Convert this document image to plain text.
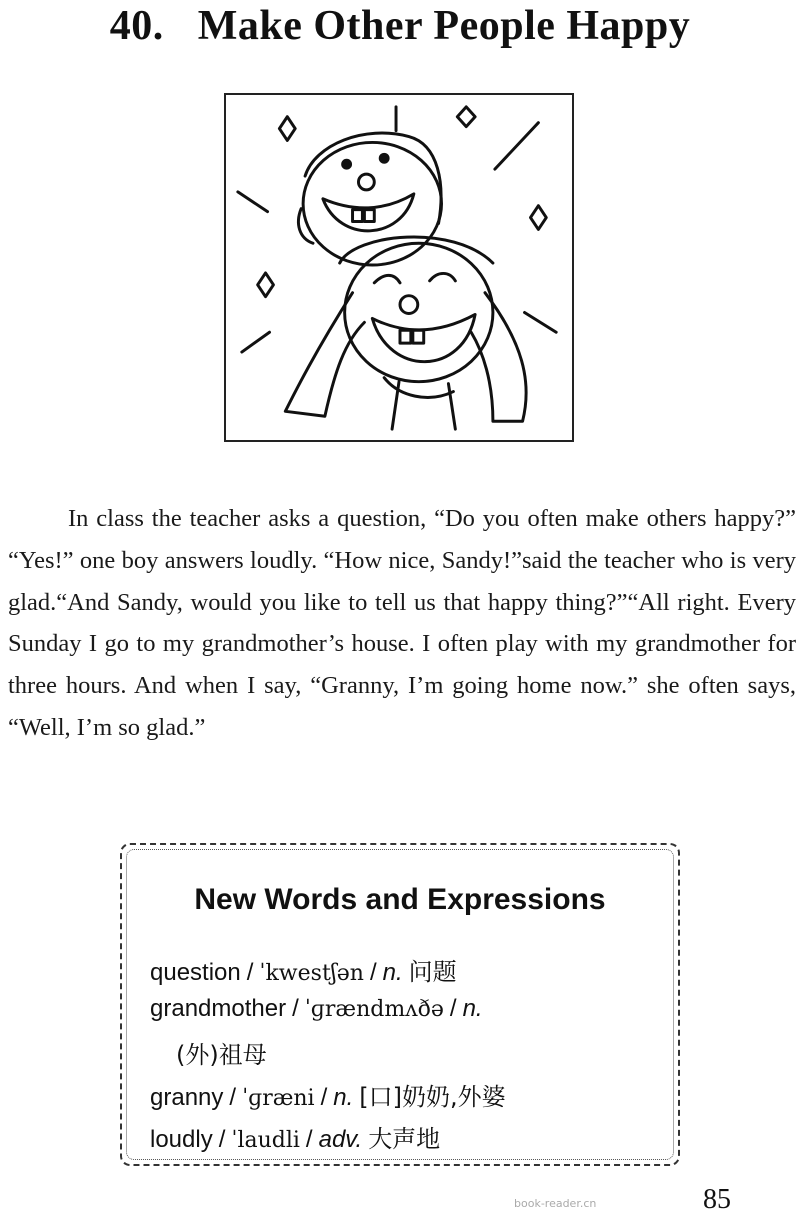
40. Make Other People Happy

In class the teacher asks a question, “Do you often make others happy?” “Yes!” one boy answers loudly. “How nice, Sandy!”said the teacher who is very glad.“And Sandy, would you like to tell us that happy thing?”“All right. Every Sunday I go to my grandmother’s house. I often play with my grandmother for three hours. And when I say, “Granny, I’m going home now.” she often says, “Well, I’m so glad.”

New Words and Expressions
question / ˈkwestʃən / n. 问题
grandmother / ˈɡrændmʌðə / n.
(外)祖母
granny / ˈɡræni / n. [口]奶奶,外婆
loudly / ˈlaudli / adv. 大声地
book-reader.cn	85
